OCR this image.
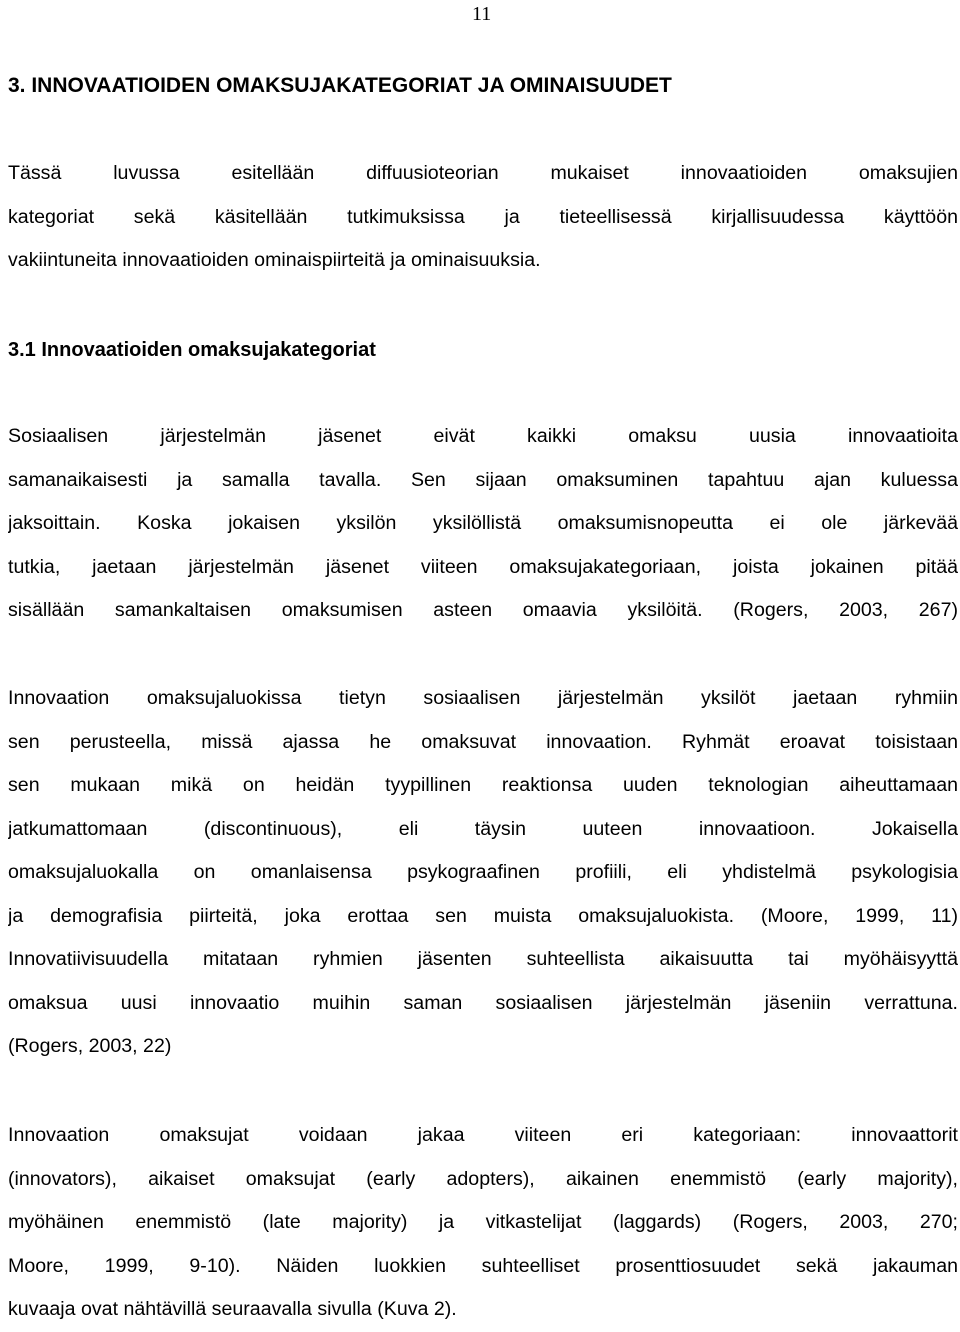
11
3. INNOVAATIOIDEN OMAKSUJAKATEGORIAT JA OMINAISUUDET

Tässä luvussa esitellään diffuusioteorian mukaiset innovaatioiden omaksujien
kategoriat sekä käsitellään tutkimuksissa ja tieteellisessä kirjallisuudessa käyttöön
vakiintuneita innovaatioiden ominaispiirteitä ja ominaisuuksia.

3.1 Innovaatioiden omaksujakategoriat

Sosiaalisen järjestelmän jäsenet eivät kaikki omaksu uusia innovaatioita
samanaikaisesti ja samalla tavalla. Sen sijaan omaksuminen tapahtuu ajan kuluessa
jaksoittain. Koska jokaisen yksilön yksilöllistä omaksumisnopeutta ei ole järkevää
tutkia, jaetaan järjestelmän jäsenet viiteen omaksujakategoriaan, joista jokainen pitää
sisällään samankaltaisen omaksumisen asteen omaavia yksilöitä. (Rogers, 2003, 267)

Innovaation omaksujaluokissa tietyn sosiaalisen järjestelmän yksilöt jaetaan ryhmiin
sen perusteella, missä ajassa he omaksuvat innovaation. Ryhmät eroavat toisistaan
sen mukaan mikä on heidän tyypillinen reaktionsa uuden teknologian aiheuttamaan
jatkumattomaan (discontinuous), eli täysin uuteen innovaatioon. Jokaisella
omaksujaluokalla on omanlaisensa psykograafinen profiili, eli yhdistelmä psykologisia
ja demografisia piirteitä, joka erottaa sen muista omaksujaluokista. (Moore, 1999, 11)
Innovatiivisuudella mitataan ryhmien jäsenten suhteellista aikaisuutta tai myöhäisyyttä
omaksua uusi innovaatio muihin saman sosiaalisen järjestelmän jäseniin verrattuna.
(Rogers, 2003, 22)

Innovaation omaksujat voidaan jakaa viiteen eri kategoriaan: innovaattorit
(innovators), aikaiset omaksujat (early adopters), aikainen enemmistö (early majority),
myöhäinen enemmistö (late majority) ja vitkastelijat (laggards) (Rogers, 2003, 270;
Moore, 1999, 9-10). Näiden luokkien suhteelliset prosenttiosuudet sekä jakauman
kuvaaja ovat nähtävillä seuraavalla sivulla (Kuva 2).
